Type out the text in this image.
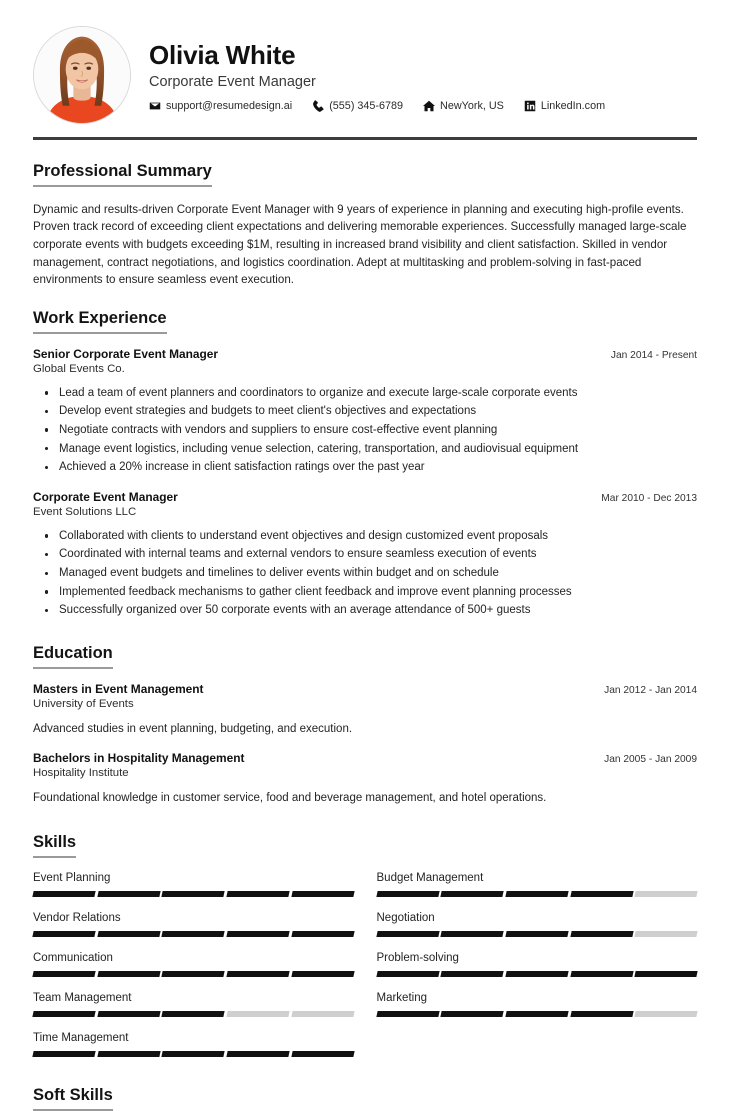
Olivia White
Corporate Event Manager
support@resumedesign.ai	(555) 345-6789	NewYork, US	LinkedIn.com
Professional Summary

Dynamic and results-driven Corporate Event Manager with 9 years of experience in planning and executing high-profile events. Proven track record of exceeding client expectations and delivering memorable experiences. Successfully managed large-scale corporate events with budgets exceeding $1M, resulting in increased brand visibility and client satisfaction. Skilled in vendor management, contract negotiations, and logistics coordination. Adept at multitasking and problem-solving in fast-paced environments to ensure seamless event execution.

Work Experience
Senior Corporate Event Manager	Jan 2014 - Present
Global Events Co.
Lead a team of event planners and coordinators to organize and execute large-scale corporate events
Develop event strategies and budgets to meet client's objectives and expectations
Negotiate contracts with vendors and suppliers to ensure cost-effective event planning
Manage event logistics, including venue selection, catering, transportation, and audiovisual equipment
Achieved a 20% increase in client satisfaction ratings over the past year
Corporate Event Manager	Mar 2010 - Dec 2013
Event Solutions LLC
Collaborated with clients to understand event objectives and design customized event proposals
Coordinated with internal teams and external vendors to ensure seamless execution of events
Managed event budgets and timelines to deliver events within budget and on schedule
Implemented feedback mechanisms to gather client feedback and improve event planning processes
Successfully organized over 50 corporate events with an average attendance of 500+ guests
Education
Masters in Event Management	Jan 2012 - Jan 2014
University of Events
Advanced studies in event planning, budgeting, and execution.
Bachelors in Hospitality Management	Jan 2005 - Jan 2009
Hospitality Institute
Foundational knowledge in customer service, food and beverage management, and hotel operations.
Skills
Event Planning	Budget Management
Vendor Relations	Negotiation
Communication	Problem-solving
Team Management	Marketing
Time Management
Soft Skills
